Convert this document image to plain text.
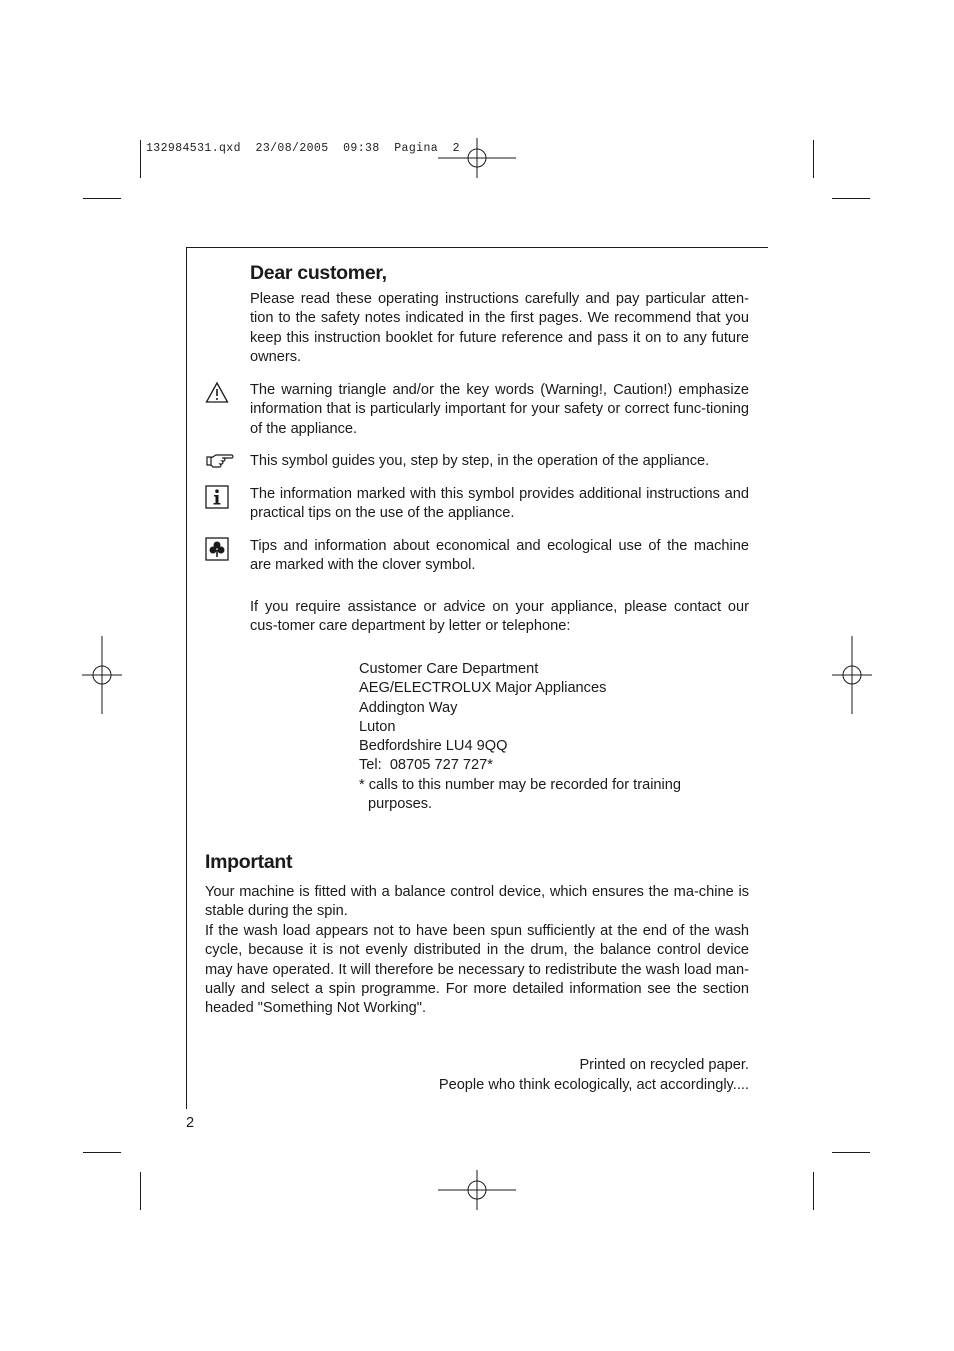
132984531.qxd  23/08/2005  09:38  Pagina  2
Dear customer,
Please read these operating instructions carefully and pay particular atten-tion to the safety notes indicated in the first pages. We recommend that you keep this instruction booklet for future reference and pass it on to any future owners.
The warning triangle and/or the key words (Warning!, Caution!) emphasize information that is particularly important for your safety or correct func-tioning of the appliance.
This symbol guides you, step by step, in the operation of the appliance.
The information marked with this symbol provides additional instructions and practical tips on the use of the appliance.
Tips and information about economical and ecological use of the machine are marked with the clover symbol.
If you require assistance or advice on your appliance, please contact our cus-tomer care department by letter or telephone:
Customer Care Department
AEG/ELECTROLUX Major Appliances
Addington Way
Luton
Bedfordshire LU4 9QQ
Tel:  08705 727 727*
* calls to this number may be recorded for training
purposes.
Important
Your machine is fitted with a balance control device, which ensures the ma-chine is stable during the spin.
If the wash load appears not to have been spun sufficiently at the end of the wash cycle, because it is not evenly distributed in the drum, the balance control device may have operated. It will therefore be necessary to redistribute the wash load man-ually and select a spin programme. For more detailed information see the section headed "Something Not Working".
Printed on recycled paper.
People who think ecologically, act accordingly....
2
